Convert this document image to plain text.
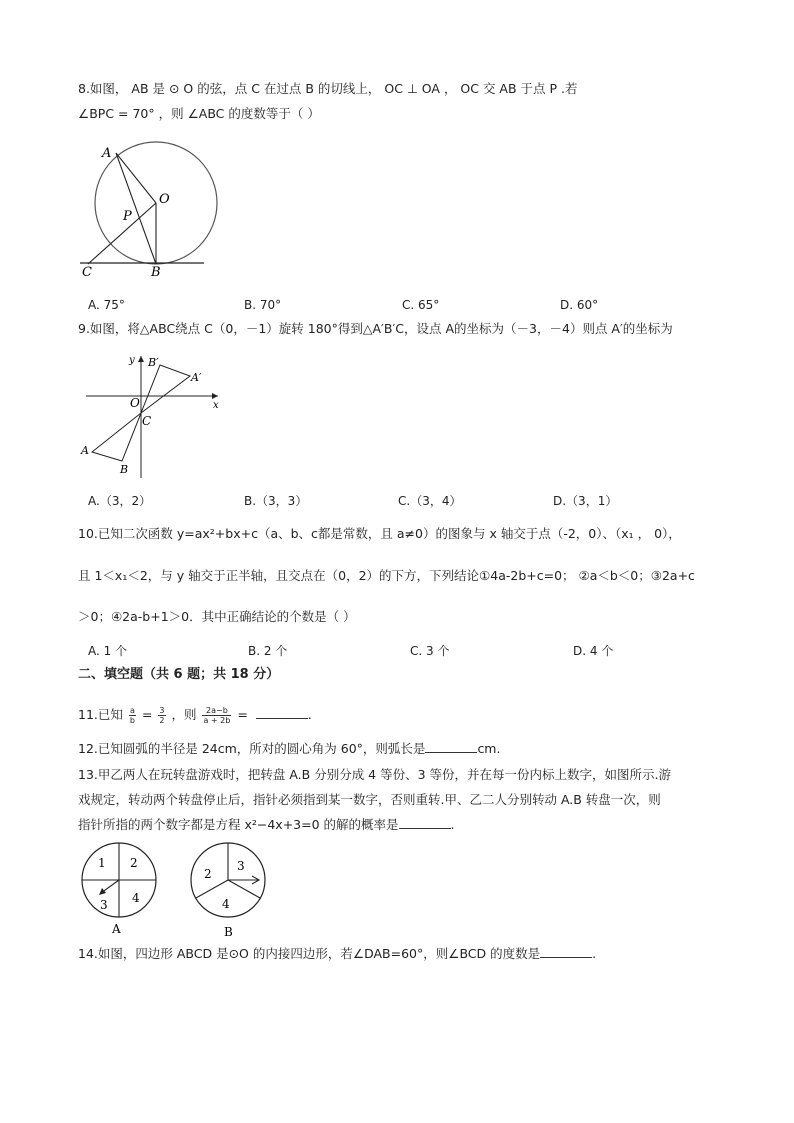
8.如图， AB 是 ⊙ O 的弦，点 C 在过点 B 的切线上， OC ⊥ OA ， OC 交 AB 于点 P .若
∠BPC = 70° ，则 ∠ABC 的度数等于（ ）
A
O
P
C	B
A. 75°	B. 70°	C. 65°	D. 60°
9.如图，将△ABC绕点 C（0，－1）旋转 180°得到△A′B′C，设点 A的坐标为（－3，－4）则点 A′的坐标为
y
x
O
C
A
B
A′
B′
A.（3，2）	B.（3，3）	C.（3，4）	D.（3，1）
10.已知二次函数 y=ax²+bx+c（a、b、c都是常数，且 a≠0）的图象与 x 轴交于点（-2，0）、（x₁ ， 0），
且 1＜x₁＜2，与 y 轴交于正半轴，且交点在（0，2）的下方，下列结论①4a-2b+c=0； ②a＜b＜0；③2a+c
＞0；④2a-b+1＞0．其中正确结论的个数是（ ）
A. 1 个	B. 2 个	C. 3 个	D. 4 个
二、填空题（共 6 题；共 18 分）
11.已知 $\frac{a}{b} = \frac{3}{2}$ ，则 $\frac{2a-b}{a + 2b}$ =	.
12.已知圆弧的半径是 24cm，所对的圆心角为 60°，则弧长是	cm.
13.甲乙两人在玩转盘游戏时，把转盘 A.B 分别分成 4 等份、3 等份，并在每一份内标上数字，如图所示.游
戏规定，转动两个转盘停止后，指针必须指到某一数字，否则重转.甲、乙二人分别转动 A.B 转盘一次，则
指针所指的两个数字都是方程 x²−4x+3=0 的解的概率是	.
1 2
3 4
A
2
3
4
B
14.如图，四边形 ABCD 是⊙O 的内接四边形，若∠DAB=60°，则∠BCD 的度数是	.
